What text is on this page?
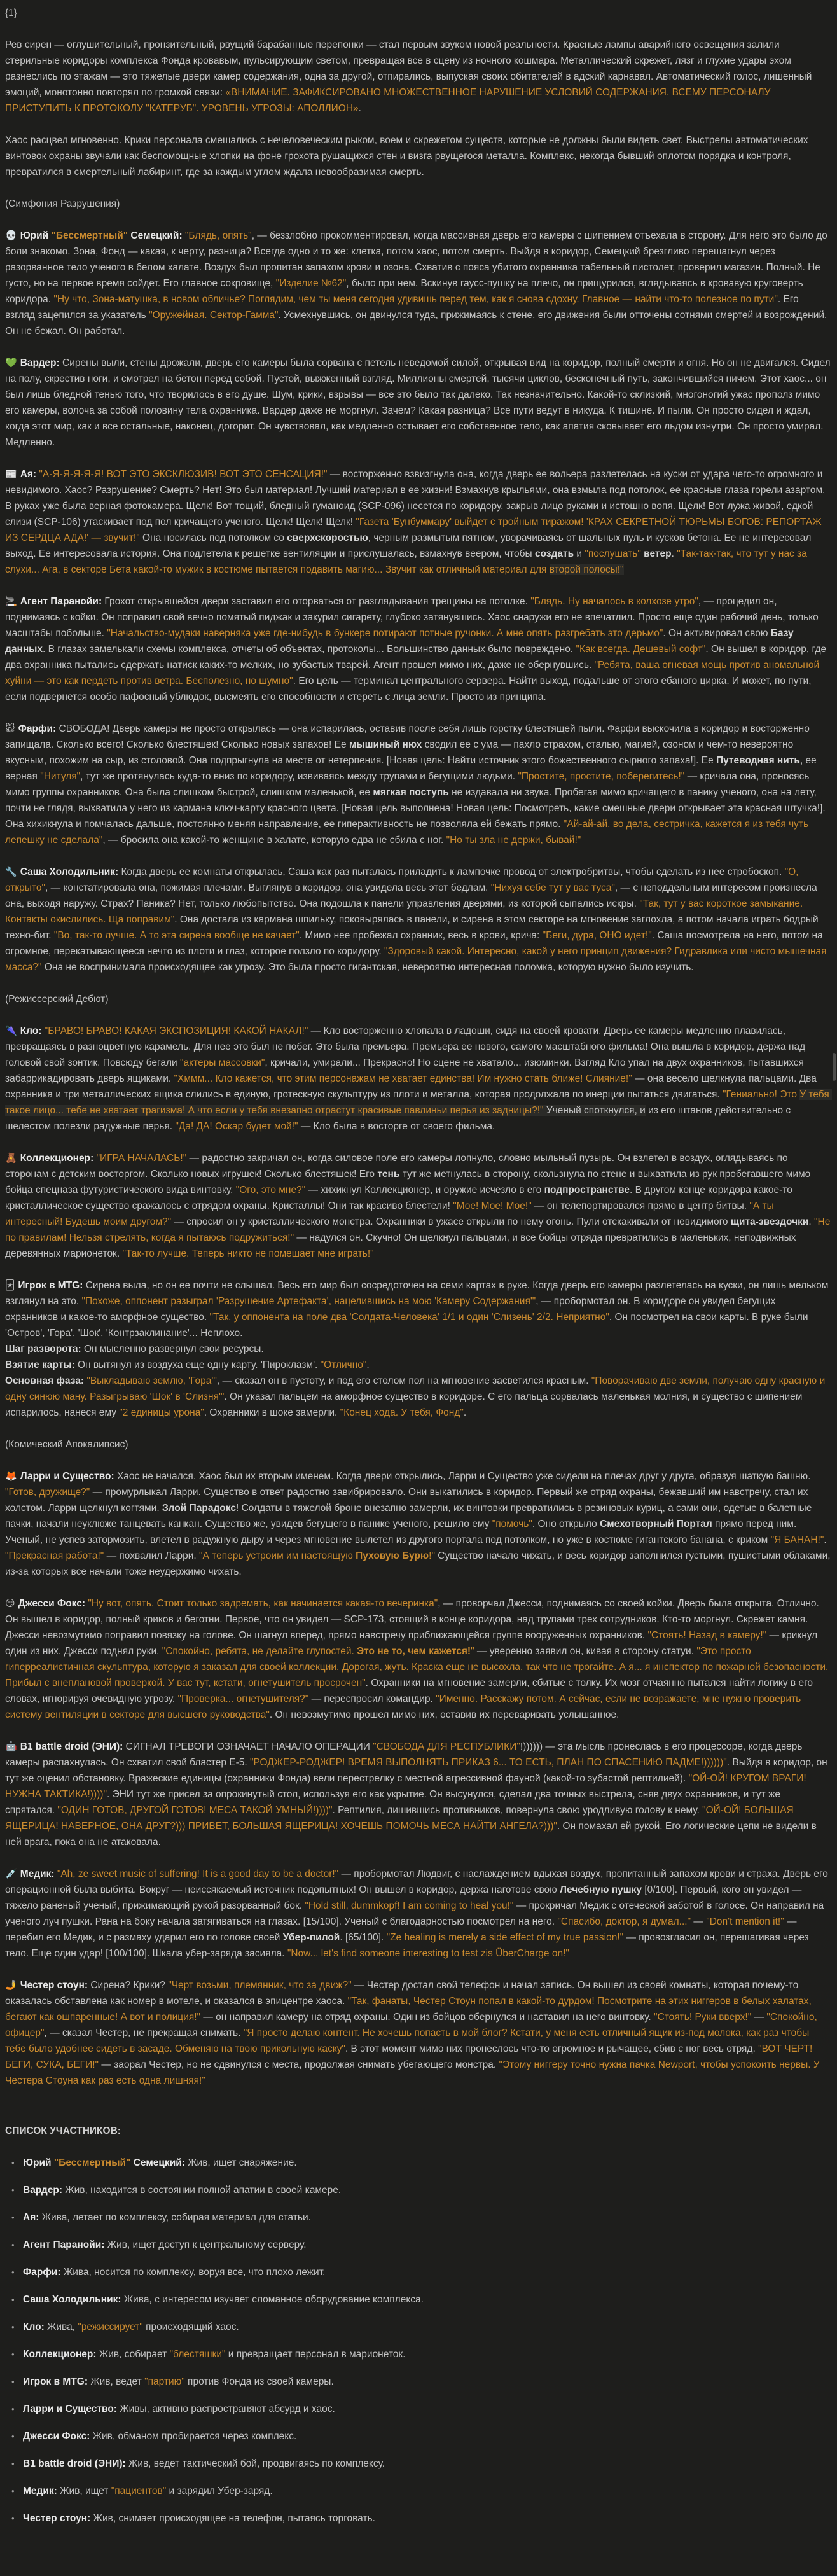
{1}

Рев сирен — оглушительный, пронзительный, рвущий барабанные перепонки — стал первым звуком новой реальности. Красные лампы аварийного освещения залили стерильные коридоры комплекса Фонда кровавым, пульсирующим светом, превращая все в сцену из ночного кошмара. Металлический скрежет, лязг и глухие удары эхом разнеслись по этажам — это тяжелые двери камер содержания, одна за другой, отпирались, выпуская своих обитателей в адский карнавал. Автоматический голос, лишенный эмоций, монотонно повторял по громкой связи: «ВНИМАНИЕ. ЗАФИКСИРОВАНО МНОЖЕСТВЕННОЕ НАРУШЕНИЕ УСЛОВИЙ СОДЕРЖАНИЯ. ВСЕМУ ПЕРСОНАЛУ ПРИСТУПИТЬ К ПРОТОКОЛУ "КАТЕРУБ". УРОВЕНЬ УГРОЗЫ: АПОЛЛИОН».

Хаос расцвел мгновенно. Крики персонала смешались с нечеловеческим рыком, воем и скрежетом существ, которые не должны были видеть свет. Выстрелы автоматических винтовок охраны звучали как беспомощные хлопки на фоне грохота рушащихся стен и визга рвущегося металла. Комплекс, некогда бывший оплотом порядка и контроля, превратился в смертельный лабиринт, где за каждым углом ждала невообразимая смерть.

(Симфония Разрушения)

💀 Юрий "Бессмертный" Семецкий: "Блядь, опять", — беззлобно прокомментировал, когда массивная дверь его камеры с шипением отъехала в сторону. Для него это было до боли знакомо. Зона, Фонд — какая, к черту, разница? Всегда одно и то же: клетка, потом хаос, потом смерть. Выйдя в коридор, Семецкий брезгливо перешагнул через разорванное тело ученого в белом халате. Воздух был пропитан запахом крови и озона. Схватив с пояса убитого охранника табельный пистолет, проверил магазин. Полный. Не густо, но на первое время сойдет. Его главное сокровище, "Изделие №62", было при нем. Вскинув гаусс-пушку на плечо, он прищурился, вглядываясь в кровавую круговерть коридора. "Ну что, Зона-матушка, в новом обличье? Поглядим, чем ты меня сегодня удивишь перед тем, как я снова сдохну. Главное — найти что-то полезное по пути". Его взгляд зацепился за указатель "Оружейная. Сектор-Гамма". Усмехнувшись, он двинулся туда, прижимаясь к стене, его движения были отточены сотнями смертей и возрождений. Он не бежал. Он работал.

💚 Вардер: Сирены выли, стены дрожали, дверь его камеры была сорвана с петель неведомой силой, открывая вид на коридор, полный смерти и огня. Но он не двигался. Сидел на полу, скрестив ноги, и смотрел на бетон перед собой. Пустой, выжженный взгляд. Миллионы смертей, тысячи циклов, бесконечный путь, закончившийся ничем. Этот хаос... он был лишь бледной тенью того, что творилось в его душе. Шум, крики, взрывы — все это было так далеко. Так незначительно. Какой-то склизкий, многоногий ужас прополз мимо его камеры, волоча за собой половину тела охранника. Вардер даже не моргнул. Зачем? Какая разница? Все пути ведут в никуда. К тишине. И пыли. Он просто сидел и ждал, когда этот мир, как и все остальные, наконец, догорит. Он чувствовал, как медленно остывает его собственное тело, как апатия сковывает его льдом изнутри. Он просто умирал. Медленно.

📰 Ая: "А-Я-Я-Я-Я-Я! ВОТ ЭТО ЭКСКЛЮЗИВ! ВОТ ЭТО СЕНСАЦИЯ!" — восторженно взвизгнула она, когда дверь ее вольера разлетелась на куски от удара чего-то огромного и невидимого. Хаос? Разрушение? Смерть? Нет! Это был материал! Лучший материал в ее жизни! Взмахнув крыльями, она взмыла под потолок, ее красные глаза горели азартом. В руках уже была верная фотокамера. Щелк! Вот тощий, бледный гуманоид (SCP-096) несется по коридору, закрыв лицо руками и истошно вопя. Щелк! Вот лужа живой, едкой слизи (SCP-106) утаскивает под пол кричащего ученого. Щелк! Щелк! Щелк! "Газета 'Бунбуммару' выйдет с тройным тиражом! 'КРАХ СЕКРЕТНОЙ ТЮРЬМЫ БОГОВ: РЕПОРТАЖ ИЗ СЕРДЦА АДА!' — звучит!" Она носилась под потолком со сверхскоростью, черным размытым пятном, уворачиваясь от шальных пуль и кусков бетона. Ее не интересовал выход. Ее интересовала история. Она подлетела к решетке вентиляции и прислушалась, взмахнув веером, чтобы создать и "послушать" ветер. "Так-так-так, что тут у нас за слухи... Ага, в секторе Бета какой-то мужик в костюме пытается подавить магию... Звучит как отличный материал для второй полосы!"

🚬 Агент Паранойи: Грохот открывшейся двери заставил его оторваться от разглядывания трещины на потолке. "Блядь. Ну началось в колхозе утро", — процедил он, поднимаясь с койки. Он поправил свой вечно помятый пиджак и закурил сигарету, глубоко затянувшись. Хаос снаружи его не впечатлил. Просто еще один рабочий день, только масштабы побольше. "Начальство-мудаки наверняка уже где-нибудь в бункере потирают потные ручонки. А мне опять разгребать это дерьмо". Он активировал свою Базу данных. В глазах замелькали схемы комплекса, отчеты об объектах, протоколы... Большинство данных было повреждено. "Как всегда. Дешевый софт". Он вышел в коридор, где два охранника пытались сдержать натиск каких-то мелких, но зубастых тварей. Агент прошел мимо них, даже не обернувшись. "Ребята, ваша огневая мощь против аномальной хуйни — это как пердеть против ветра. Бесполезно, но шумно". Его цель — терминал центрального сервера. Найти выход, подальше от этого ебаного цирка. И может, по пути, если подвернется особо пафосный ублюдок, высмеять его способности и стереть с лица земли. Просто из принципа.

🐭 Фарфи: СВОБОДА! Дверь камеры не просто открылась — она испарилась, оставив после себя лишь горстку блестящей пыли. Фарфи выскочила в коридор и восторженно запищала. Сколько всего! Сколько блестяшек! Сколько новых запахов! Ее мышиный нюх сводил ее с ума — пахло страхом, сталью, магией, озоном и чем-то невероятно вкусным, похожим на сыр, из столовой. Она подпрыгнула на месте от нетерпения. [Новая цель: Найти источник этого божественного сырного запаха!]. Ее Путеводная нить, ее верная "Нитуля", тут же протянулась куда-то вниз по коридору, извиваясь между трупами и бегущими людьми. "Простите, простите, поберегитесь!" — кричала она, проносясь мимо группы охранников. Она была слишком быстрой, слишком маленькой, ее мягкая поступь не издавала ни звука. Пробегая мимо кричащего в панику ученого, она на лету, почти не глядя, выхватила у него из кармана ключ-карту красного цвета. [Новая цель выполнена! Новая цель: Посмотреть, какие смешные двери открывает эта красная штучка!]. Она хихикнула и помчалась дальше, постоянно меняя направление, ее гиперактивность не позволяла ей бежать прямо. "Ай-ай-ай, во дела, сестричка, кажется я из тебя чуть лепешку не сделала", — бросила она какой-то женщине в халате, которую едва не сбила с ног. "Но ты зла не держи, бывай!"

🔧 Саша Холодильник: Когда дверь ее комнаты открылась, Саша как раз пыталась приладить к лампочке провод от электробритвы, чтобы сделать из нее стробоскоп. "О, открыто", — констатировала она, пожимая плечами. Выглянув в коридор, она увидела весь этот бедлам. "Нихуя себе тут у вас туса", — с неподдельным интересом произнесла она, выходя наружу. Страх? Паника? Нет, только любопытство. Она подошла к панели управления дверями, из которой сыпались искры. "Так, тут у вас короткое замыкание. Контакты окислились. Ща поправим". Она достала из кармана шпильку, поковырялась в панели, и сирена в этом секторе на мгновение заглохла, а потом начала играть бодрый техно-бит. "Во, так-то лучше. А то эта сирена вообще не качает". Мимо нее пробежал охранник, весь в крови, крича: "Беги, дура, ОНО идет!". Саша посмотрела на него, потом на огромное, перекатывающееся нечто из плоти и глаз, которое ползло по коридору. "Здоровый какой. Интересно, какой у него принцип движения? Гидравлика или чисто мышечная масса?" Она не воспринимала происходящее как угрозу. Это была просто гигантская, невероятно интересная поломка, которую нужно было изучить.

(Режиссерский Дебют)

🌂 Кло: "БРАВО! БРАВО! КАКАЯ ЭКСПОЗИЦИЯ! КАКОЙ НАКАЛ!" — Кло восторженно хлопала в ладоши, сидя на своей кровати. Дверь ее камеры медленно плавилась, превращаясь в разноцветную карамель. Для нее это был не побег. Это была премьера. Премьера ее нового, самого масштабного фильма! Она вышла в коридор, держа над головой свой зонтик. Повсюду бегали "актеры массовки", кричали, умирали... Прекрасно! Но сцене не хватало... изюминки. Взгляд Кло упал на двух охранников, пытавшихся забаррикадировать дверь ящиками. "Хммм... Кло кажется, что этим персонажам не хватает единства! Им нужно стать ближе! Слияние!" — она весело щелкнула пальцами. Два охранника и три металлических ящика слились в единую, гротескную скульптуру из плоти и металла, которая продолжала по инерции пытаться двигаться. "Гениально! Это У тебя такое лицо... тебе не хватает трагизма! А что если у тебя внезапно отрастут красивые павлиньи перья из задницы?!" Ученый споткнулся, и из его штанов действительно с шелестом полезли радужные перья. "Да! ДА! Оскар будет мой!" — Кло была в восторге от своего фильма.

🧸 Коллекционер: "ИГРА НАЧАЛАСЬ!" — радостно закричал он, когда силовое поле его камеры лопнуло, словно мыльный пузырь. Он взлетел в воздух, оглядываясь по сторонам с детским восторгом. Сколько новых игрушек! Сколько блестяшек! Его тень тут же метнулась в сторону, скользнула по стене и выхватила из рук пробегавшего мимо бойца спецназа футуристического вида винтовку. "Ого, это мне?" — хихикнул Коллекционер, и оружие исчезло в его подпространстве. В другом конце коридора какое-то кристаллическое существо сражалось с отрядом охраны. Кристаллы! Они так красиво блестели! "Мое! Мое! Мое!" — он телепортировался прямо в центр битвы. "А ты интересный! Будешь моим другом?" — спросил он у кристаллического монстра. Охранники в ужасе открыли по нему огонь. Пули отскакивали от невидимого щита-звездочки. "Не по правилам! Нельзя стрелять, когда я пытаюсь подружиться!" — надулся он. Скучно! Он щелкнул пальцами, и все бойцы отряда превратились в маленьких, неподвижных деревянных марионеток. "Так-то лучше. Теперь никто не помешает мне играть!"

🃏 Игрок в MTG: Сирена выла, но он ее почти не слышал. Весь его мир был сосредоточен на семи картах в руке. Когда дверь его камеры разлетелась на куски, он лишь мельком взглянул на это. "Похоже, оппонент разыграл 'Разрушение Артефакта', нацелившись на мою 'Камеру Содержания'", — пробормотал он. В коридоре он увидел бегущих охранников и какое-то аморфное существо. "Так, у оппонента на поле два 'Солдата-Человека' 1/1 и один 'Слизень' 2/2. Неприятно". Он посмотрел на свои карты. В руке были 'Остров', 'Гора', 'Шок', 'Контрзаклинание'... Неплохо.
Шаг разворота: Он мысленно развернул свои ресурсы.
Взятие карты: Он вытянул из воздуха еще одну карту. 'Пироклазм'. "Отлично".
Основная фаза: "Выкладываю землю, 'Гора'", — сказал он в пустоту, и под его столом пол на мгновение засветился красным. "Поворачиваю две земли, получаю одну красную и одну синюю ману. Разыгрываю 'Шок' в 'Слизня'". Он указал пальцем на аморфное существо в коридоре. С его пальца сорвалась маленькая молния, и существо с шипением испарилось, нанеся ему "2 единицы урона". Охранники в шоке замерли. "Конец хода. У тебя, Фонд".

(Комический Апокалипсис)

🦊 Ларри и Существо: Хаос не начался. Хаос был их вторым именем. Когда двери открылись, Ларри и Существо уже сидели на плечах друг у друга, образуя шаткую башню. "Готов, дружище?" — промурлыкал Ларри. Существо в ответ радостно завибрировало. Они выкатились в коридор. Первый же отряд охраны, бежавший им навстречу, стал их холстом. Ларри щелкнул когтями. Злой Парадокс! Солдаты в тяжелой броне внезапно замерли, их винтовки превратились в резиновых куриц, а сами они, одетые в балетные пачки, начали неуклюже танцевать канкан. Существо же, увидев бегущего в панике ученого, решило ему "помочь". Оно открыло Смехотворный Портал прямо перед ним. Ученый, не успев затормозить, влетел в радужную дыру и через мгновение вылетел из другого портала под потолком, но уже в костюме гигантского банана, с криком "Я БАНАН!". "Прекрасная работа!" — похвалил Ларри. "А теперь устроим им настоящую Пуховую Бурю!" Существо начало чихать, и весь коридор заполнился густыми, пушистыми облаками, из-за которых все начали тоже неудержимо чихать.

😏 Джесси Фокс: "Ну вот, опять. Стоит только задремать, как начинается какая-то вечеринка", — проворчал Джесси, поднимаясь со своей койки. Дверь была открыта. Отлично. Он вышел в коридор, полный криков и беготни. Первое, что он увидел — SCP-173, стоящий в конце коридора, над трупами трех сотрудников. Кто-то моргнул. Скрежет камня. Джесси невозмутимо поправил повязку на голове. Он шагнул вперед, прямо навстречу приближающейся группе вооруженных охранников. "Стоять! Назад в камеру!" — крикнул один из них. Джесси поднял руки. "Спокойно, ребята, не делайте глупостей. Это не то, чем кажется!" — уверенно заявил он, кивая в сторону статуи. "Это просто гиперреалистичная скульптура, которую я заказал для своей коллекции. Дорогая, жуть. Краска еще не высохла, так что не трогайте. А я... я инспектор по пожарной безопасности. Прибыл с внеплановой проверкой. У вас тут, кстати, огнетушитель просрочен". Охранники на мгновение замерли, сбитые с толку. Их мозг отчаянно пытался найти логику в его словах, игнорируя очевидную угрозу. "Проверка... огнетушителя?" — переспросил командир. "Именно. Расскажу потом. А сейчас, если не возражаете, мне нужно проверить систему вентиляции в секторе для высшего руководства". Он невозмутимо прошел мимо них, оставив их переваривать услышанное.

🤖 B1 battle droid (ЭНИ): СИГНАЛ ТРЕВОГИ ОЗНАЧАЕТ НАЧАЛО ОПЕРАЦИИ "СВОБОДА ДЛЯ РЕСПУБЛИКИ"!)))))) — эта мысль пронеслась в его процессоре, когда дверь камеры распахнулась. Он схватил свой бластер E-5. "РОДЖЕР-РОДЖЕР! ВРЕМЯ ВЫПОЛНЯТЬ ПРИКАЗ 6... ТО ЕСТЬ, ПЛАН ПО СПАСЕНИЮ ПАДМЕ!))))))". Выйдя в коридор, он тут же оценил обстановку. Вражеские единицы (охранники Фонда) вели перестрелку с местной агрессивной фауной (какой-то зубастой рептилией). "ОЙ-ОЙ! КРУГОМ ВРАГИ! НУЖНА ТАКТИКА!))))". ЭНИ тут же присел за опрокинутый стол, используя его как укрытие. Он высунулся, сделал два точных выстрела, сняв двух охранников, и тут же спрятался. "ОДИН ГОТОВ, ДРУГОЙ ГОТОВ! МЕСА ТАКОЙ УМНЫЙ!))))". Рептилия, лишившись противников, повернула свою уродливую голову к нему. "ОЙ-ОЙ! БОЛЬШАЯ ЯЩЕРИЦА! НАВЕРНОЕ, ОНА ДРУГ?))) ПРИВЕТ, БОЛЬШАЯ ЯЩЕРИЦА! ХОЧЕШЬ ПОМОЧЬ МЕСА НАЙТИ АНГЕЛА?)))". Он помахал ей рукой. Его логические цепи не видели в ней врага, пока она не атаковала.

💉 Медик: "Ah, ze sweet music of suffering! It is a good day to be a doctor!" — пробормотал Людвиг, с наслаждением вдыхая воздух, пропитанный запахом крови и страха. Дверь его операционной была выбита. Вокруг — неиссякаемый источник подопытных! Он вышел в коридор, держа наготове свою Лечебную пушку [0/100]. Первый, кого он увидел — тяжело раненый ученый, прижимающий рукой разорванный бок. "Hold still, dummkopf! I am coming to heal you!" — прокричал Медик с отеческой заботой в голосе. Он направил на ученого луч пушки. Рана на боку начала затягиваться на глазах. [15/100]. Ученый с благодарностью посмотрел на него. "Спасибо, доктор, я думал..." — "Don't mention it!" — перебил его Медик, и с размаху ударил его по голове своей Убер-пилой. [65/100]. "Ze healing is merely a side effect of my true passion!" — провозгласил он, перешагивая через тело. Еще один удар! [100/100]. Шкала убер-заряда засияла. "Now... let's find someone interesting to test zis ÜberCharge on!"

🤳 Честер стоун: Сирена? Крики? "Черт возьми, племянник, что за движ?" — Честер достал свой телефон и начал запись. Он вышел из своей комнаты, которая почему-то оказалась обставлена как номер в мотеле, и оказался в эпицентре хаоса. "Так, фанаты, Честер Стоун попал в какой-то дурдом! Посмотрите на этих ниггеров в белых халатах, бегают как ошпаренные! А вот и полиция!" — он направил камеру на отряд охраны. Один из бойцов обернулся и наставил на него винтовку. "Стоять! Руки вверх!" — "Спокойно, офицер", — сказал Честер, не прекращая снимать. "Я просто делаю контент. Не хочешь попасть в мой блог? Кстати, у меня есть отличный ящик из-под молока, как раз чтобы тебе было удобнее сидеть в засаде. Обменяю на твою прикольную каску". В этот момент мимо них пронеслось что-то огромное и рычащее, сбив с ног весь отряд. "ВОТ ЧЕРТ! БЕГИ, СУКА, БЕГИ!" — заорал Честер, но не сдвинулся с места, продолжая снимать убегающего монстра. "Этому ниггеру точно нужна пачка Newport, чтобы успокоить нервы. У Честера Стоуна как раз есть одна лишняя!"

СПИСОК УЧАСТНИКОВ:
• Юрий "Бессмертный" Семецкий: Жив, ищет снаряжение.
• Вардер: Жив, находится в состоянии полной апатии в своей камере.
• Ая: Жива, летает по комплексу, собирая материал для статьи.
• Агент Паранойи: Жив, ищет доступ к центральному серверу.
• Фарфи: Жива, носится по комплексу, воруя все, что плохо лежит.
• Саша Холодильник: Жива, с интересом изучает сломанное оборудование комплекса.
• Кло: Жива, "режиссирует" происходящий хаос.
• Коллекционер: Жив, собирает "блестяшки" и превращает персонал в марионеток.
• Игрок в MTG: Жив, ведет "партию" против Фонда из своей камеры.
• Ларри и Существо: Живы, активно распространяют абсурд и хаос.
• Джесси Фокс: Жив, обманом пробирается через комплекс.
• B1 battle droid (ЭНИ): Жив, ведет тактический бой, продвигаясь по комплексу.
• Медик: Жив, ищет "пациентов" и зарядил Убер-заряд.
• Честер стоун: Жив, снимает происходящее на телефон, пытаясь торговать.
